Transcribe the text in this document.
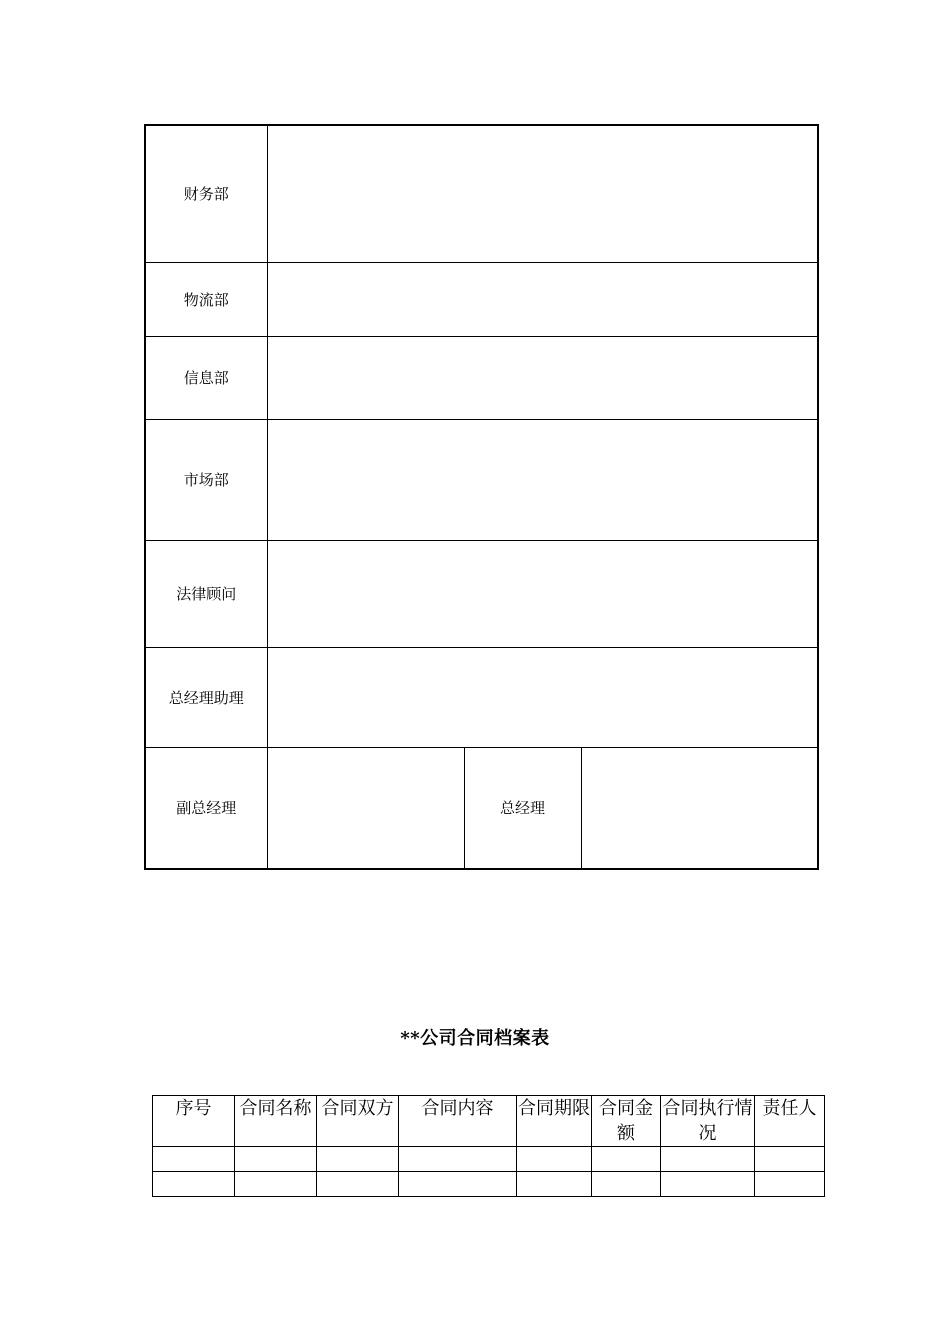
财务部			
物流部			
信息部			
市场部			
法律顾问			
总经理助理			
副总经理		总经理	
**公司合同档案表
序号	合同名称	合同双方	合同内容	合同期限	合同金额	合同执行情况	责任人
